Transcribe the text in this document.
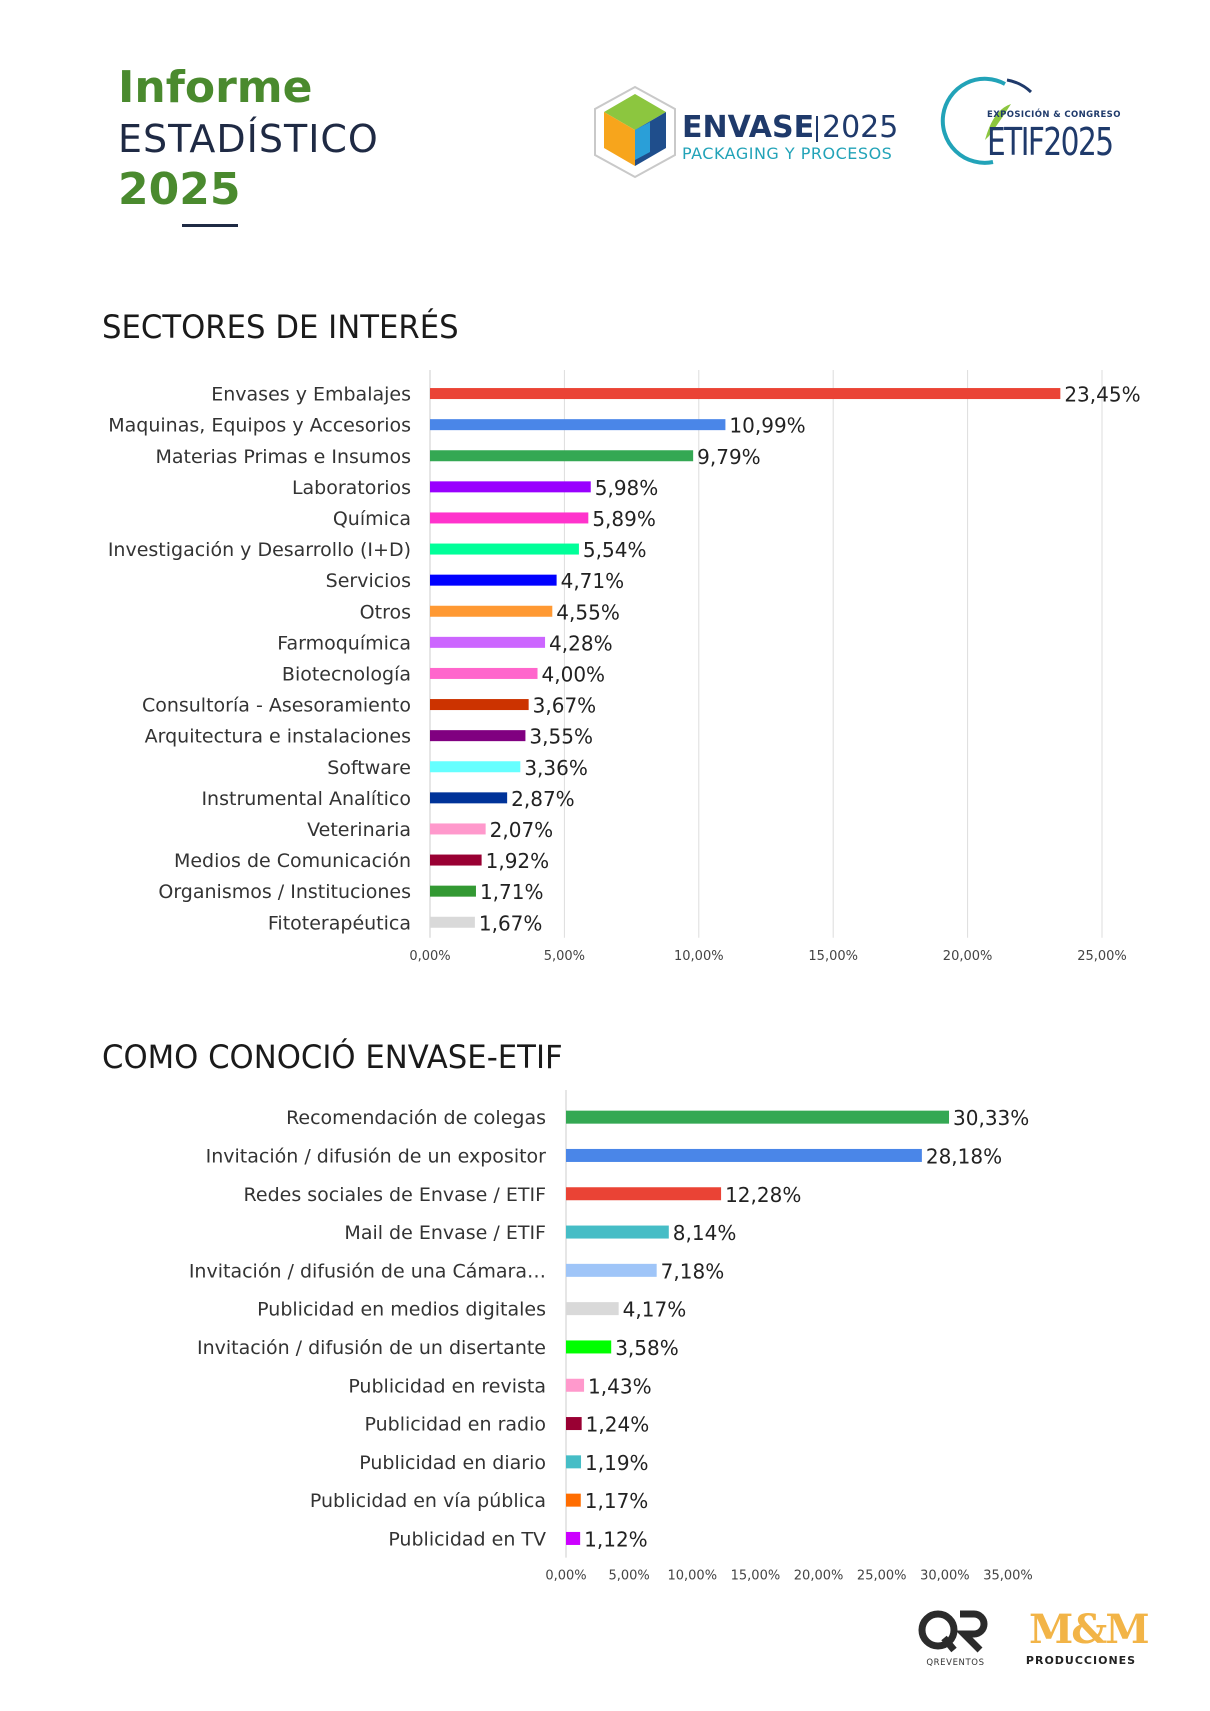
Informe
ESTADÍSTICO
2025
ENVASE 2025
PACKAGING Y PROCESOS
EXPOSICIÓN & CONGRESO
ETIF2025
SECTORES DE INTERÉS
0,00%	5,00%	10,00%	15,00%	20,00%	25,00%
Envases y Embalajes	23,45%
Maquinas, Equipos y Accesorios	10,99%
Materias Primas e Insumos	9,79%
Laboratorios	5,98%
Química	5,89%
Investigación y Desarrollo (I+D)	5,54%
Servicios	4,71%
Otros	4,55%
Farmoquímica	4,28%
Biotecnología	4,00%
Consultoría - Asesoramiento	3,67%
Arquitectura e instalaciones	3,55%
Software	3,36%
Instrumental Analítico	2,87%
Veterinaria	2,07%
Medios de Comunicación	1,92%
Organismos / Instituciones	1,71%
Fitoterapéutica	1,67%
COMO CONOCIÓ ENVASE-ETIF
0,00% 5,00% 10,00% 15,00% 20,00% 25,00% 30,00% 35,00%
Recomendación de colegas	30,33%
Invitación / difusión de un expositor	28,18%
Redes sociales de Envase / ETIF	12,28%
Mail de Envase / ETIF	8,14%
Invitación / difusión de una Cámara…	7,18%
Publicidad en medios digitales	4,17%
Invitación / difusión de un disertante	3,58%
Publicidad en revista 1,43%
Publicidad en radio 1,24%
Publicidad en diario 1,19%
Publicidad en vía pública 1,17%
Publicidad en TV 1,12%
QREVENTOS
M&M
PRODUCCIONES
